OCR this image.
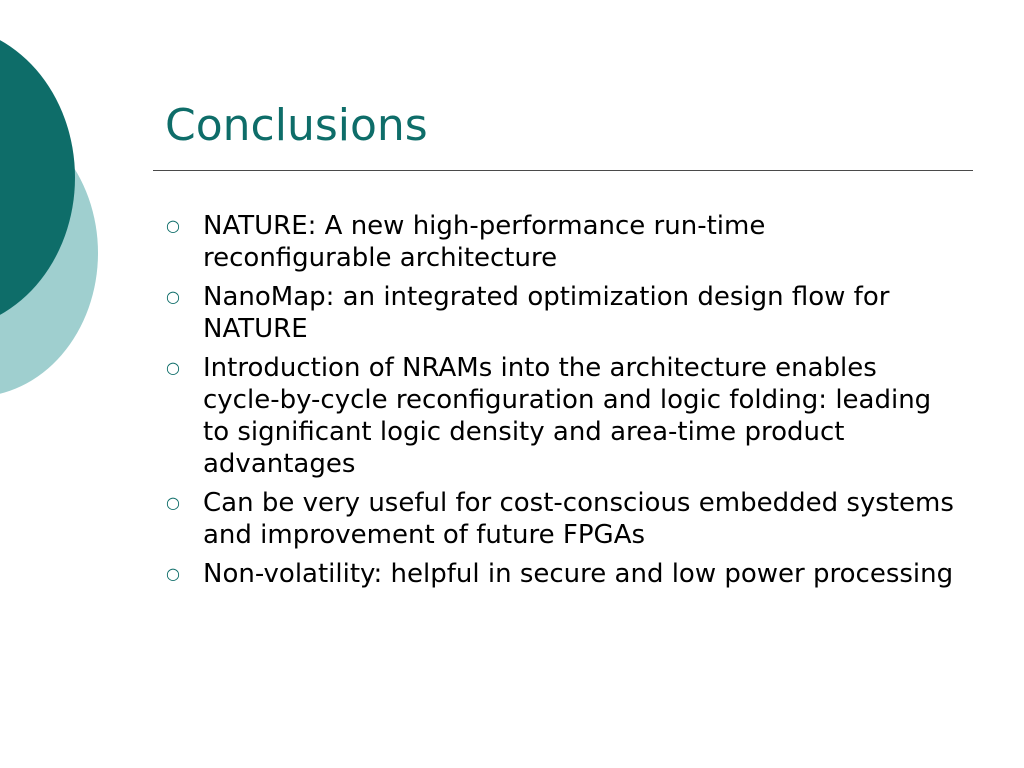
Conclusions
○ NATURE: A new high-performance run-time reconfigurable architecture
○ NanoMap: an integrated optimization design flow for NATURE
○ Introduction of NRAMs into the architecture enables cycle-by-cycle reconfiguration and logic folding: leading to significant logic density and area-time product advantages
○ Can be very useful for cost-conscious embedded systems and improvement of future FPGAs
○ Non-volatility: helpful in secure and low power processing
